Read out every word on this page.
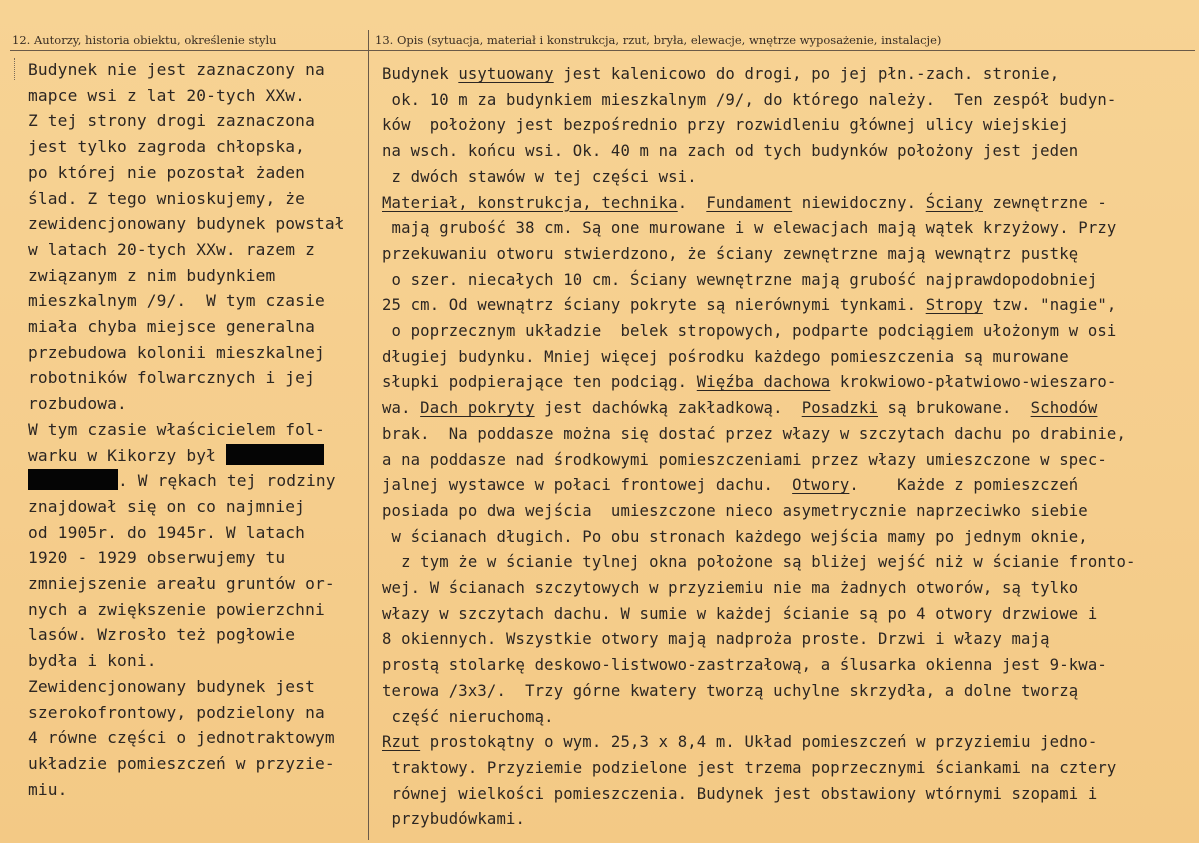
12. Autorzy, historia obiektu, określenie stylu	13. Opis (sytuacja, materiał i konstrukcja, rzut, bryła, elewacje, wnętrze wyposażenie, instalacje)
Budynek nie jest zaznaczony na
mapce wsi z lat 20-tych XXw.
Z tej strony drogi zaznaczona
jest tylko zagroda chłopska,
po której nie pozostał żaden
ślad. Z tego wnioskujemy, że
zewidencjonowany budynek powstał
w latach 20-tych XXw. razem z
związanym z nim budynkiem
mieszkalnym /9/.  W tym czasie
miała chyba miejsce generalna
przebudowa kolonii mieszkalnej
robotników folwarcznych i jej
rozbudowa.
W tym czasie właścicielem fol-
warku w Kikorzy był
. W rękach tej rodziny
znajdował się on co najmniej
od 1905r. do 1945r. W latach
1920 - 1929 obserwujemy tu
zmniejszenie areału gruntów or-
nych a zwiększenie powierzchni
lasów. Wzrosło też pogłowie
bydła i koni.
Zewidencjonowany budynek jest
szerokofrontowy, podzielony na
4 równe części o jednotraktowym
układzie pomieszczeń w przyzie-
miu.
Budynek usytuowany jest kalenicowo do drogi, po jej płn.-zach. stronie,
ok. 10 m za budynkiem mieszkalnym /9/, do którego należy.  Ten zespół budyn-
ków  położony jest bezpośrednio przy rozwidleniu głównej ulicy wiejskiej
na wsch. końcu wsi. Ok. 40 m na zach od tych budynków położony jest jeden
z dwóch stawów w tej części wsi.
Materiał, konstrukcja, technika.  Fundament niewidoczny. Ściany zewnętrzne -
mają grubość 38 cm. Są one murowane i w elewacjach mają wątek krzyżowy. Przy
przekuwaniu otworu stwierdzono, że ściany zewnętrzne mają wewnątrz pustkę
o szer. niecałych 10 cm. Ściany wewnętrzne mają grubość najprawdopodobniej
25 cm. Od wewnątrz ściany pokryte są nierównymi tynkami. Stropy tzw. "nagie",
o poprzecznym układzie  belek stropowych, podparte podciągiem ułożonym w osi
długiej budynku. Mniej więcej pośrodku każdego pomieszczenia są murowane
słupki podpierające ten podciąg. Więźba dachowa krokwiowo-płatwiowo-wieszaro-
wa. Dach pokryty jest dachówką zakładkową.  Posadzki są brukowane.  Schodów
brak.  Na poddasze można się dostać przez włazy w szczytach dachu po drabinie,
a na poddasze nad środkowymi pomieszczeniami przez włazy umieszczone w spec-
jalnej wystawce w połaci frontowej dachu.  Otwory.    Każde z pomieszczeń
posiada po dwa wejścia  umieszczone nieco asymetrycznie naprzeciwko siebie
w ścianach długich. Po obu stronach każdego wejścia mamy po jednym oknie,
z tym że w ścianie tylnej okna położone są bliżej wejść niż w ścianie fronto-
wej. W ścianach szczytowych w przyziemiu nie ma żadnych otworów, są tylko
włazy w szczytach dachu. W sumie w każdej ścianie są po 4 otwory drzwiowe i
8 okiennych. Wszystkie otwory mają nadproża proste. Drzwi i włazy mają
prostą stolarkę deskowo-listwowo-zastrzałową, a ślusarka okienna jest 9-kwa-
terowa /3x3/.  Trzy górne kwatery tworzą uchylne skrzydła, a dolne tworzą
część nieruchomą.
Rzut prostokątny o wym. 25,3 x 8,4 m. Układ pomieszczeń w przyziemiu jedno-
traktowy. Przyziemie podzielone jest trzema poprzecznymi ściankami na cztery
równej wielkości pomieszczenia. Budynek jest obstawiony wtórnymi szopami i
przybudówkami.
